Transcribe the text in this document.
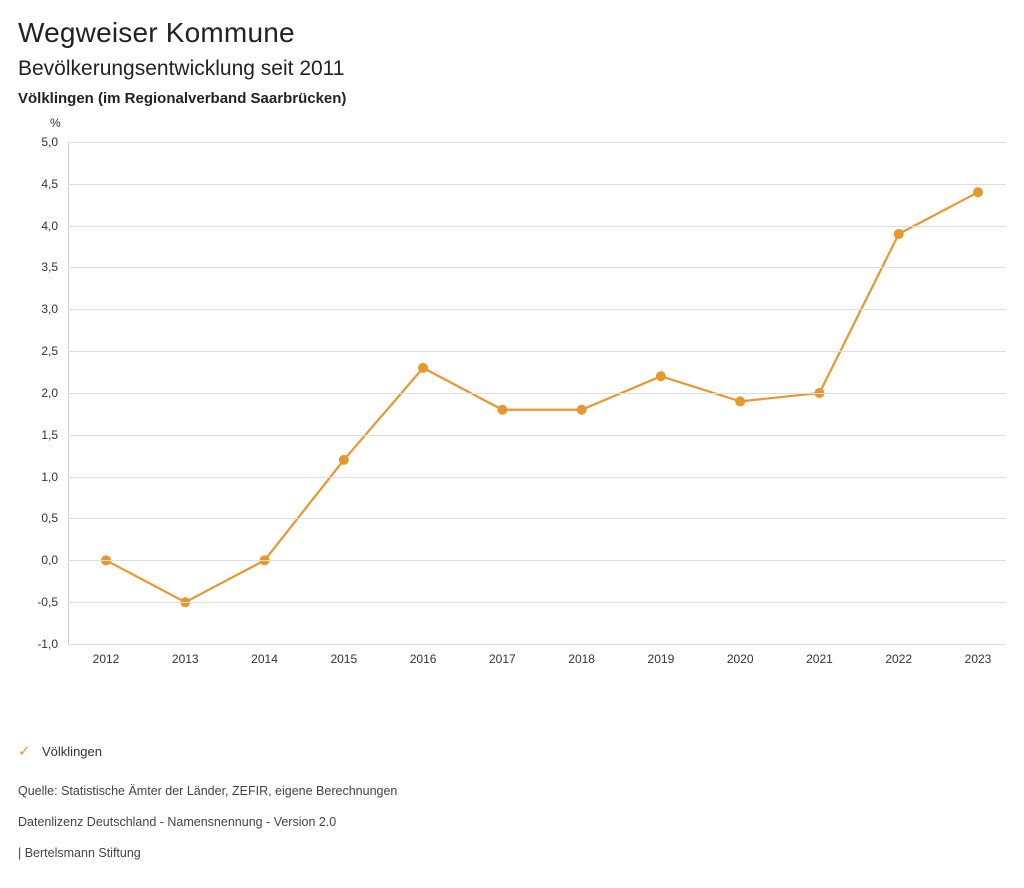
Wegweiser Kommune
Bevölkerungsentwicklung seit 2011
Völklingen (im Regionalverband Saarbrücken)
%
-1,0
-0,5
0,0
0,5
1,0
1,5
2,0
2,5
3,0
3,5
4,0
4,5
5,0
2012	2013	2014	2015	2016	2017	2018	2019	2020	2021	2022	2023
✓ Völklingen
Quelle: Statistische Ämter der Länder, ZEFIR, eigene Berechnungen
Datenlizenz Deutschland - Namensnennung - Version 2.0
| Bertelsmann Stiftung
